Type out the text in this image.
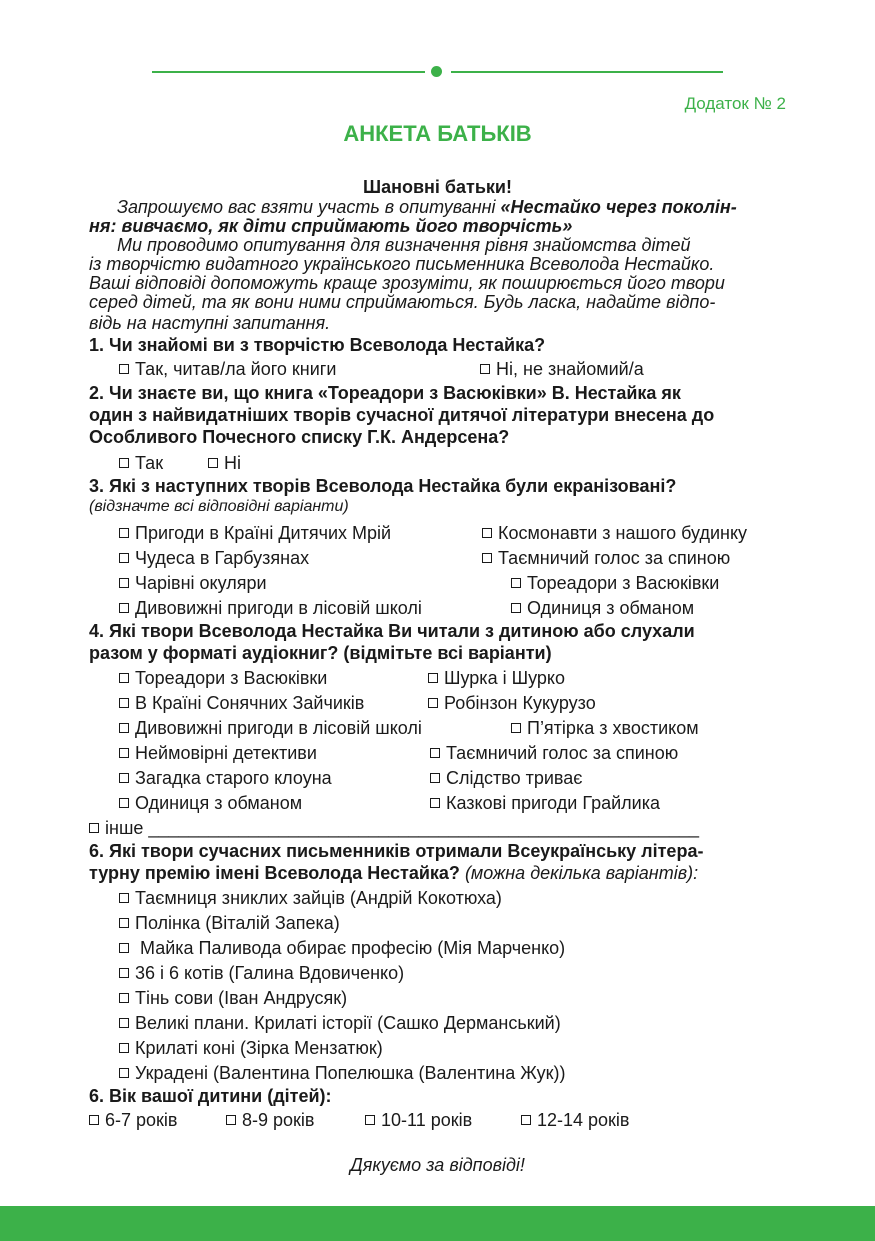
Додаток № 2
АНКЕТА БАТЬКІВ
Шановні батьки!
Запрошуємо вас взяти участь в опитуванні «Нестайко через поколін-
ня: вивчаємо, як діти сприймають його творчість»
Ми проводимо опитування для визначення рівня знайомства дітей
із творчістю видатного українського письменника Всеволода Нестайко.
Ваші відповіді допоможуть краще зрозуміти, як поширюється його твори
серед дітей, та як вони ними сприймаються. Будь ласка, надайте відпо-
відь на наступні запитання.
1. Чи знайомі ви з творчістю Всеволода Нестайка?
Так, читав/ла його книги	Ні, не знайомий/а
2. Чи знаєте ви, що книга «Тореадори з Васюківки» В. Нестайка як
один з найвидатніших творів сучасної дитячої літератури внесена до
Особливого Почесного списку Г.К. Андерсена?
Так	Ні
3. Які з наступних творів Всеволода Нестайка були екранізовані?
(відзначте всі відповідні варіанти)
Пригоди в Країні Дитячих Мрій	Космонавти з нашого будинку
Чудеса в Гарбузянах	Таємничий голос за спиною
Чарівні окуляри	Тореадори з Васюківки
Дивовижні пригоди в лісовій школі	Одиниця з обманом
4. Які твори Всеволода Нестайка Ви читали з дитиною або слухали
разом у форматі аудіокниг? (відмітьте всі варіанти)
Тореадори з Васюківки	Шурка і Шурко
В Країні Сонячних Зайчиків	Робінзон Кукурузо
Дивовижні пригоди в лісовій школі	П’ятірка з хвостиком
Неймовірні детективи	Таємничий голос за спиною
Загадка старого клоуна	Слідство триває
Одиниця з обманом	Казкові пригоди Грайлика
інше _______________________________________________________
6. Які твори сучасних письменників отримали Всеукраїнську літера-
турну премію імені Всеволода Нестайка? (можна декілька варіантів):
Таємниця зниклих зайців (Андрій Кокотюха)
Полінка (Віталій Запека)
Майка Паливода обирає професію (Мія Марченко)
36 і 6 котів (Галина Вдовиченко)
Тінь сови (Іван Андрусяк)
Великі плани. Крилаті історії (Сашко Дерманський)
Крилаті коні (Зірка Мензатюк)
Украдені (Валентина Попелюшка (Валентина Жук))
6. Вік вашої дитини (дітей):
6-7 років	8-9 років	10-11 років	12-14 років
Дякуємо за відповіді!
